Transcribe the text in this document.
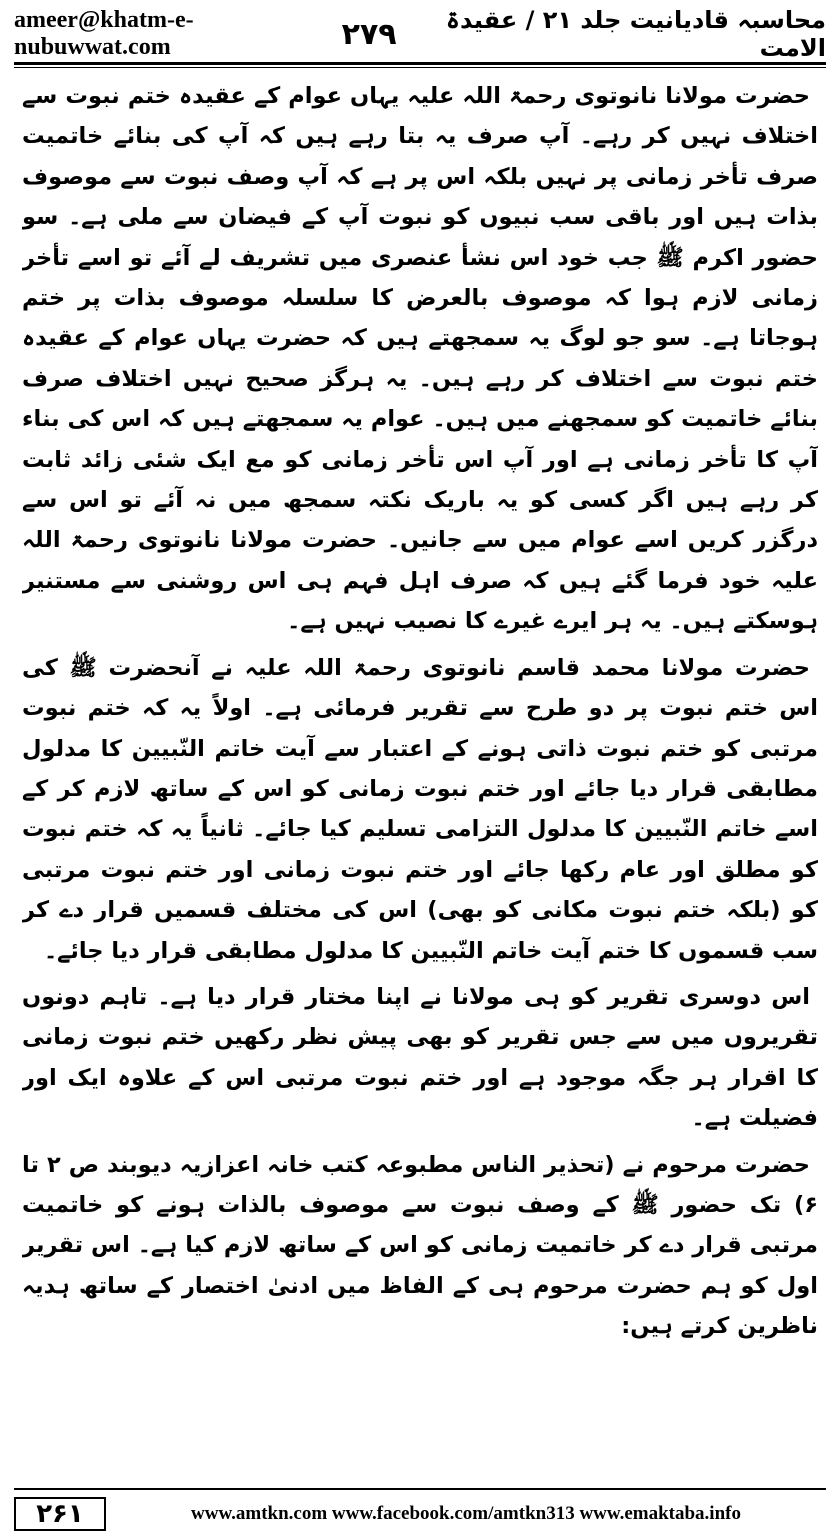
ameer@khatm-e-nubuwwat.com	۲۷۹	محاسبہ قادیانیت جلد ۲۱ / عقیدۃ الامت

حضرت مولانا نانوتوی رحمۃ اللہ علیہ یہاں عوام کے عقیدہ ختم نبوت سے اختلاف نہیں کر رہے۔ آپ صرف یہ بتا رہے ہیں کہ آپ کی بنائے خاتمیت صرف تأخر زمانی پر نہیں بلکہ اس پر ہے کہ آپ وصف نبوت سے موصوف بذات ہیں اور باقی سب نبیوں کو نبوت آپ کے فیضان سے ملی ہے۔ سو حضور اکرم ﷺ جب خود اس نشأ عنصری میں تشریف لے آئے تو اسے تأخر زمانی لازم ہوا کہ موصوف بالعرض کا سلسلہ موصوف بذات پر ختم ہوجاتا ہے۔ سو جو لوگ یہ سمجھتے ہیں کہ حضرت یہاں عوام کے عقیدہ ختم نبوت سے اختلاف کر رہے ہیں۔ یہ ہرگز صحیح نہیں اختلاف صرف بنائے خاتمیت کو سمجھنے میں ہیں۔ عوام یہ سمجھتے ہیں کہ اس کی بناء آپ کا تأخر زمانی ہے اور آپ اس تأخر زمانی کو مع ایک شئی زائد ثابت کر رہے ہیں اگر کسی کو یہ باریک نکتہ سمجھ میں نہ آئے تو اس سے درگزر کریں اسے عوام میں سے جانیں۔ حضرت مولانا نانوتوی رحمۃ اللہ علیہ خود فرما گئے ہیں کہ صرف اہل فہم ہی اس روشنی سے مستنیر ہوسکتے ہیں۔ یہ ہر ایرے غیرے کا نصیب نہیں ہے۔

حضرت مولانا محمد قاسم نانوتوی رحمۃ اللہ علیہ نے آنحضرت ﷺ کی اس ختم نبوت پر دو طرح سے تقریر فرمائی ہے۔ اولاً یہ کہ ختم نبوت مرتبی کو ختم نبوت ذاتی ہونے کے اعتبار سے آیت خاتم النّبیین کا مدلول مطابقی قرار دیا جائے اور ختم نبوت زمانی کو اس کے ساتھ لازم کر کے اسے خاتم النّبیین کا مدلول التزامی تسلیم کیا جائے۔ ثانیاً یہ کہ ختم نبوت کو مطلق اور عام رکھا جائے اور ختم نبوت زمانی اور ختم نبوت مرتبی کو (بلکہ ختم نبوت مکانی کو بھی) اس کی مختلف قسمیں قرار دے کر سب قسموں کا ختم آیت خاتم النّبیین کا مدلول مطابقی قرار دیا جائے۔

اس دوسری تقریر کو ہی مولانا نے اپنا مختار قرار دیا ہے۔ تاہم دونوں تقریروں میں سے جس تقریر کو بھی پیش نظر رکھیں ختم نبوت زمانی کا اقرار ہر جگہ موجود ہے اور ختم نبوت مرتبی اس کے علاوہ ایک اور فضیلت ہے۔

حضرت مرحوم نے (تحذیر الناس مطبوعہ کتب خانہ اعزازیہ دیوبند ص ۲ تا ۶) تک حضور ﷺ کے وصف نبوت سے موصوف بالذات ہونے کو خاتمیت مرتبی قرار دے کر خاتمیت زمانی کو اس کے ساتھ لازم کیا ہے۔ اس تقریر اول کو ہم حضرت مرحوم ہی کے الفاظ میں ادنیٰ اختصار کے ساتھ ہدیہ ناظرین کرتے ہیں:

۲۶۱	www.amtkn.com www.facebook.com/amtkn313 www.emaktaba.info
